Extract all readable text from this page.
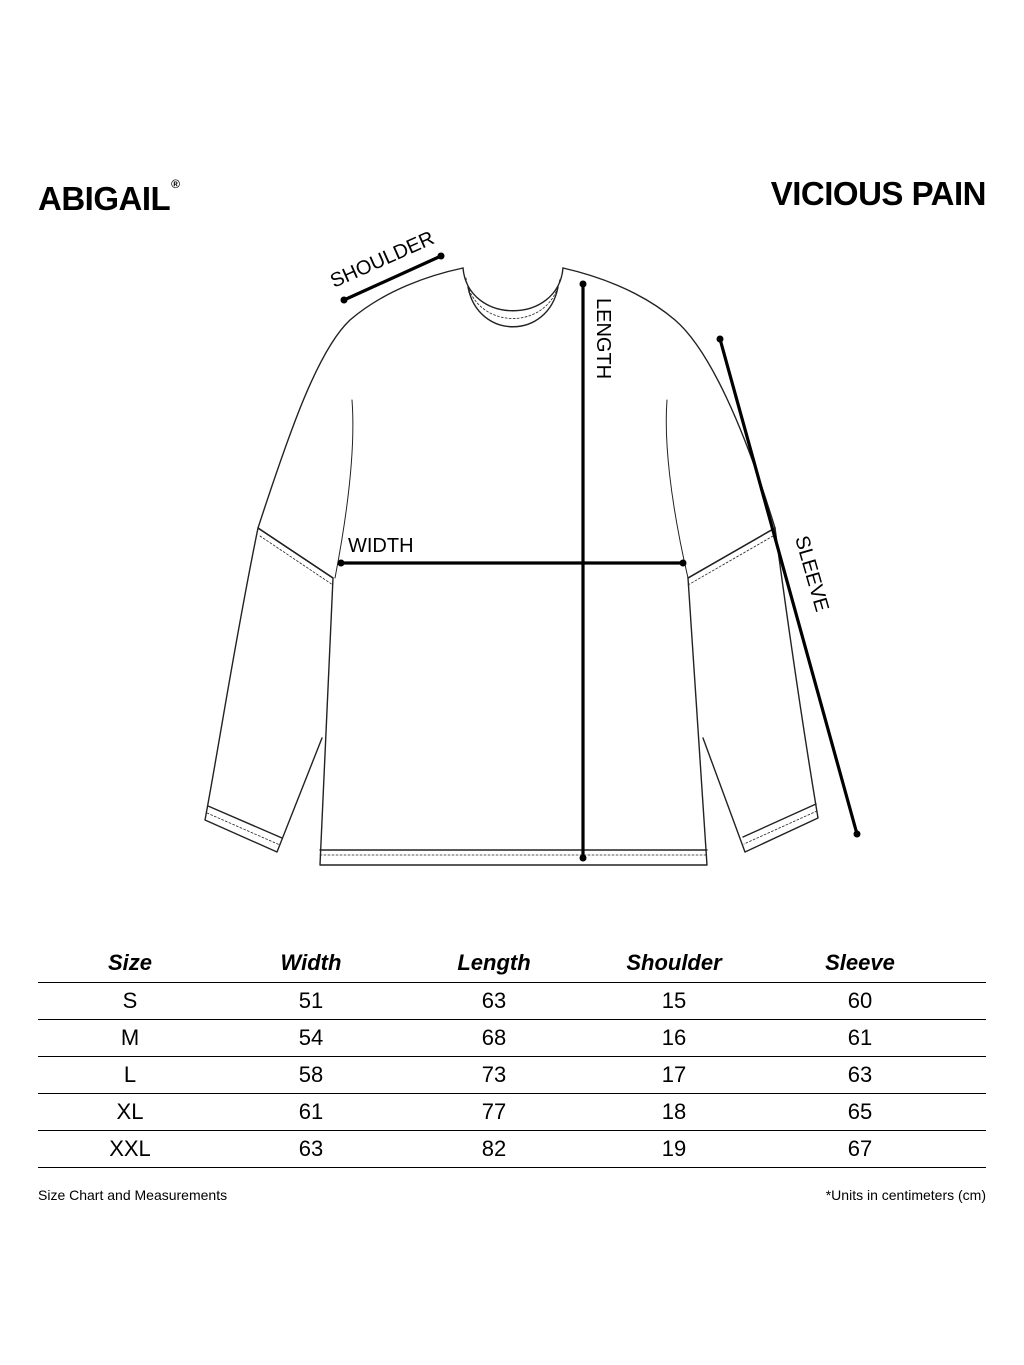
ABIGAIL®	VICIOUS PAIN
SHOULDER
LENGTH
WIDTH	SLEEVE
Size	Width	Length	Shoulder	Sleeve	
S	51	63	15	60	
M	54	68	16	61	
L	58	73	17	63	
XL	61	77	18	65	
XXL	63	82	19	67	
Size Chart and Measurements	*Units in centimeters (cm)
